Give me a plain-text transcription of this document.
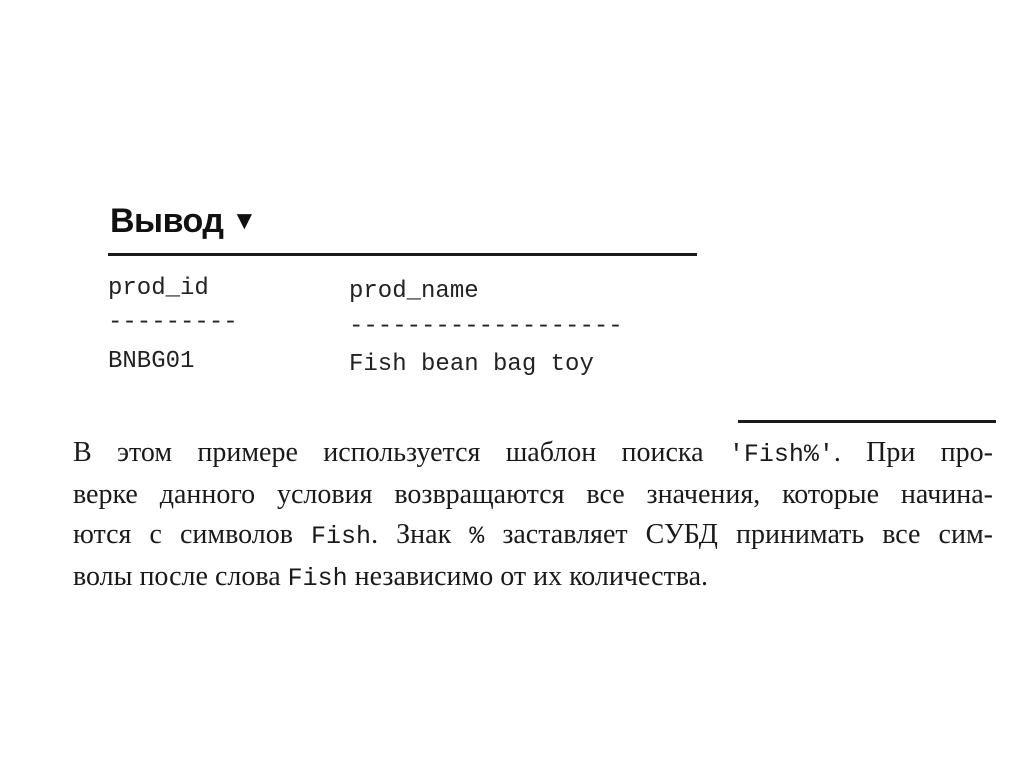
Вывод ▼
prod_id	prod_name
---------	-------------------
BNBG01	Fish bean bag toy
В этом примере используется шаблон поиска 'Fish%'. При про-
верке данного условия возвращаются все значения, которые начина-
ются с символов Fish. Знак % заставляет СУБД принимать все сим-
волы после слова Fish независимо от их количества.
